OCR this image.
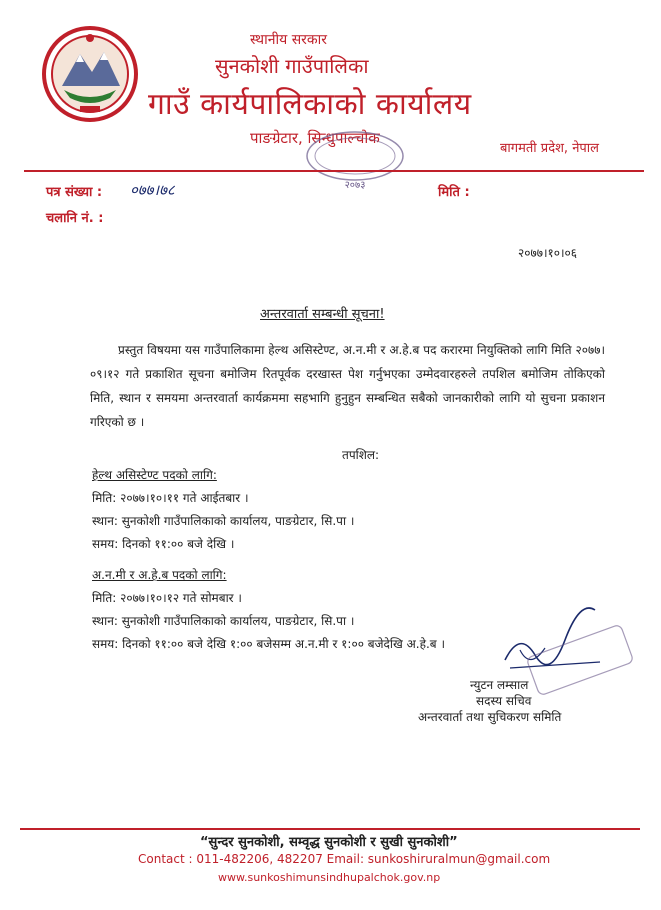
स्थानीय सरकार
सुनकोशी गाउँपालिका
गाउँ कार्यपालिकाको कार्यालय
पाङग्रेटार, सिन्धुपाल्चोक
बागमती प्रदेश, नेपाल
२०७३
पत्र संख्या : ०७७।७८	मिति :
चलानि नं. :
२०७७।१०।०६
अन्तरवार्ता सम्बन्धी सूचना!

प्रस्तुत विषयमा यस गाउँपालिकामा हेल्थ असिस्टेण्ट, अ.न.मी र अ.हे.ब पद करारमा नियुक्तिको लागि मिति २०७७।०९।१२ गते प्रकाशित सूचना बमोजिम रितपूर्वक दरखास्त पेश गर्नुभएका उम्मेदवारहरुले तपशिल बमोजिम तोकिएको मिति, स्थान र समयमा अन्तरवार्ता कार्यक्रममा सहभागि हुनुहुन सम्बन्धित सबैको जानकारीको लागि यो सुचना प्रकाशन गरिएको छ ।

तपशिल:
हेल्थ असिस्टेण्ट पदको लागि:
मिति: २०७७।१०।११ गते आईतबार ।
स्थान: सुनकोशी गाउँपालिकाको कार्यालय, पाङग्रेटार, सि.पा ।
समय: दिनको ११:०० बजे देखि ।
अ.न.मी र अ.हे.ब पदको लागि:
मिति: २०७७।१०।१२ गते सोमबार ।
स्थान: सुनकोशी गाउँपालिकाको कार्यालय, पाङग्रेटार, सि.पा ।
समय: दिनको ११:०० बजे देखि १:०० बजेसम्म अ.न.मी र १:०० बजेदेखि अ.हे.ब ।
न्युटन लम्साल
सदस्य सचिव
अन्तरवार्ता तथा सुचिकरण समिति
“सुन्दर सुनकोशी, सम्वृद्ध सुनकोशी र सुखी सुनकोशी”
Contact : 011-482206, 482207 Email: sunkoshiruralmun@gmail.com
www.sunkoshimunsindhupalchok.gov.np
